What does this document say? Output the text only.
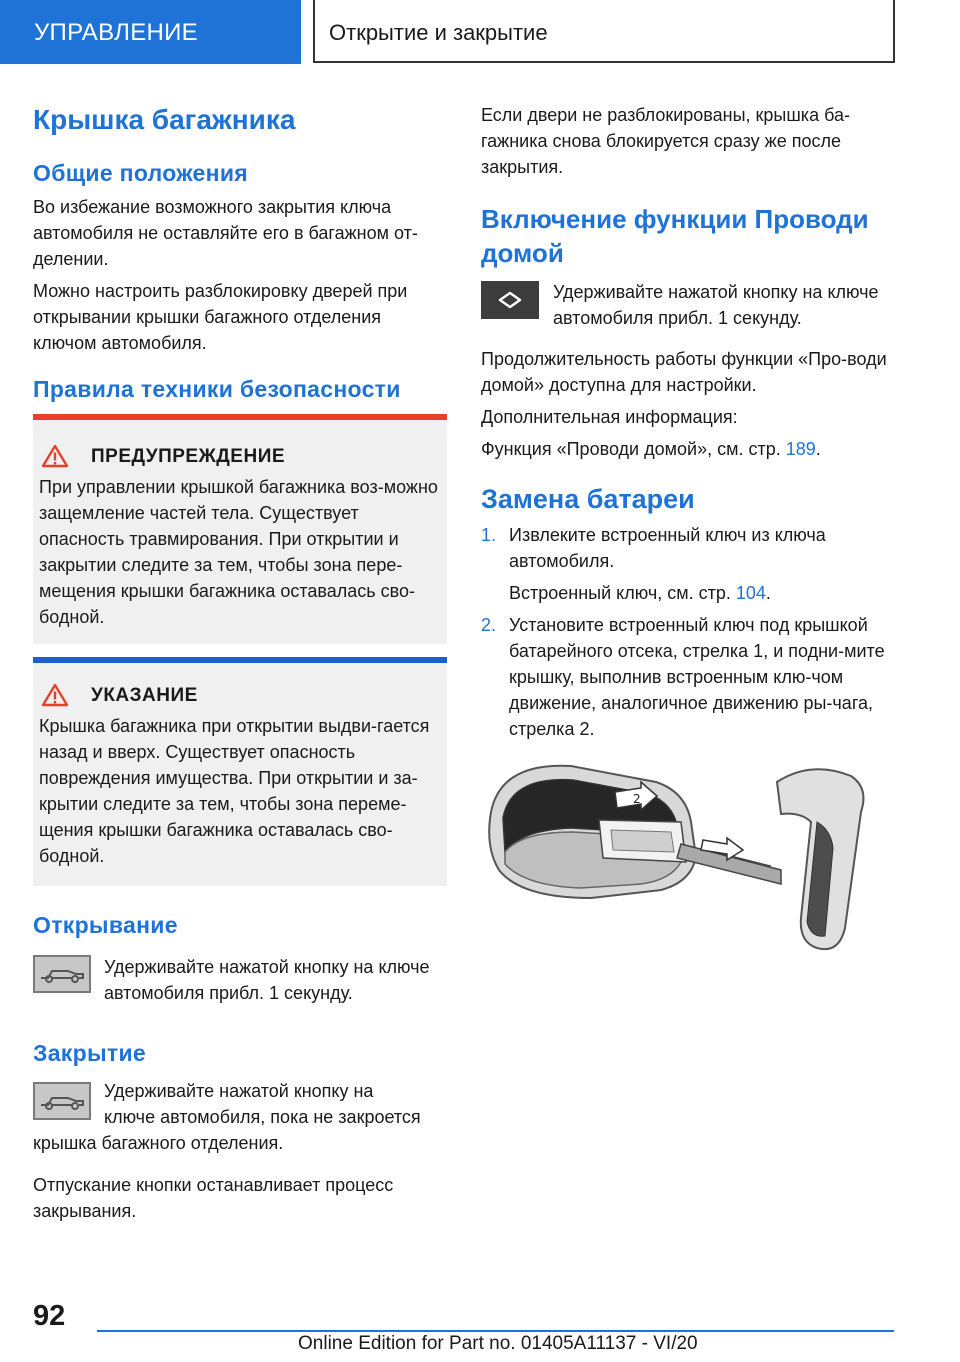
УПРАВЛЕНИЕ	Открытие и закрытие
Крышка багажника
Общие положения

Во избежание возможного закрытия ключа автомобиля не оставляйте его в багажном от-делении.

Можно настроить разблокировку дверей при открывании крышки багажного отделения ключом автомобиля.

Правила техники безопасности

ПРЕДУПРЕЖДЕНИЕ

При управлении крышкой багажника воз-можно защемление частей тела. Существует опасность травмирования. При открытии и закрытии следите за тем, чтобы зона пере-мещения крышки багажника оставалась сво-бодной.

УКАЗАНИЕ

Крышка багажника при открытии выдви-гается назад и вверх. Существует опасность повреждения имущества. При открытии и за-крытии следите за тем, чтобы зона переме-щения крышки багажника оставалась сво-бодной.

Открывание

Удерживайте нажатой кнопку на ключе автомобиля прибл. 1 секунду.

Закрытие

Удерживайте нажатой кнопку на

ключе автомобиля, пока не закроется

крышка багажного отделения.

Отпускание кнопки останавливает процесс закрывания.

Если двери не разблокированы, крышка ба-гажника снова блокируется сразу же после закрытия.

Включение функции Проводи домой

Удерживайте нажатой кнопку на ключе автомобиля прибл. 1 секунду.

Продолжительность работы функции «Про-води домой» доступна для настройки.

Дополнительная информация:

Функция «Проводи домой», см. стр. 189.

Замена батареи
1. Извлеките встроенный ключ из ключа автомобиля.

Встроенный ключ, см. стр. 104.

2. Установите встроенный ключ под крышкой батарейного отсека, стрелка 1, и подни-мите крышку, выполнив встроенным клю-чом движение, аналогичное движению ры-чага, стрелка 2.

2
92
Online Edition for Part no. 01405A11137 - VI/20
